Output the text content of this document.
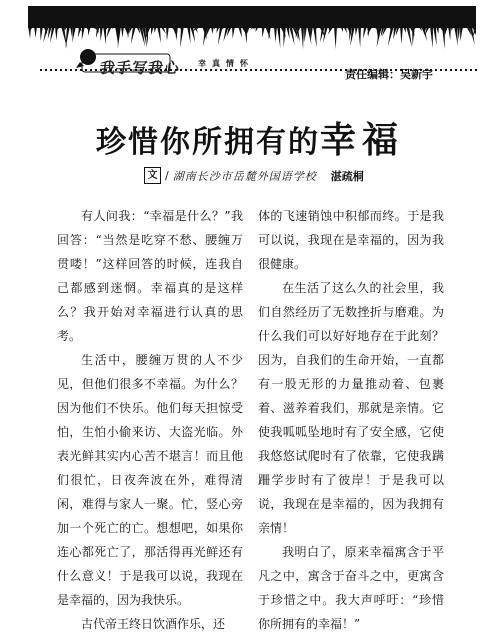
我手写我心 幸真情怀
责任编辑：吴新宇
珍惜你所拥有的幸福
文 / 湖南长沙市岳麓外国语学校 湛疏桐

有人问我：“幸福是什么？”我回答：“当然是吃穿不愁、腰缠万贯喽！”这样回答的时候，连我自己都感到迷惘。幸福真的是这样么？我开始对幸福进行认真的思考。

生活中，腰缠万贯的人不少见，但他们很多不幸福。为什么？因为他们不快乐。他们每天担惊受怕，生怕小偷来访、大盗光临。外表光鲜其实内心苦不堪言！而且他们很忙，日夜奔波在外，难得清闲，难得与家人一聚。忙，竖心旁加一个死亡的亡。想想吧，如果你连心都死亡了，那活得再光鲜还有什么意义！于是我可以说，我现在是幸福的，因为我快乐。

古代帝王终日饮酒作乐，还

体的飞速销蚀中积郁而终。于是我可以说，我现在是幸福的，因为我很健康。

在生活了这么久的社会里，我们自然经历了无数挫折与磨难。为什么我们可以好好地存在于此刻？因为，自我们的生命开始，一直都有一股无形的力量推动着、包裹着、滋养着我们，那就是亲情。它使我呱呱坠地时有了安全感，它使我悠悠试爬时有了依靠，它使我蹒跚学步时有了彼岸！于是我可以说，我现在是幸福的，因为我拥有亲情！

我明白了，原来幸福寓含于平凡之中，寓含于奋斗之中，更寓含于珍惜之中。我大声呼吁：“珍惜你所拥有的幸福！”
